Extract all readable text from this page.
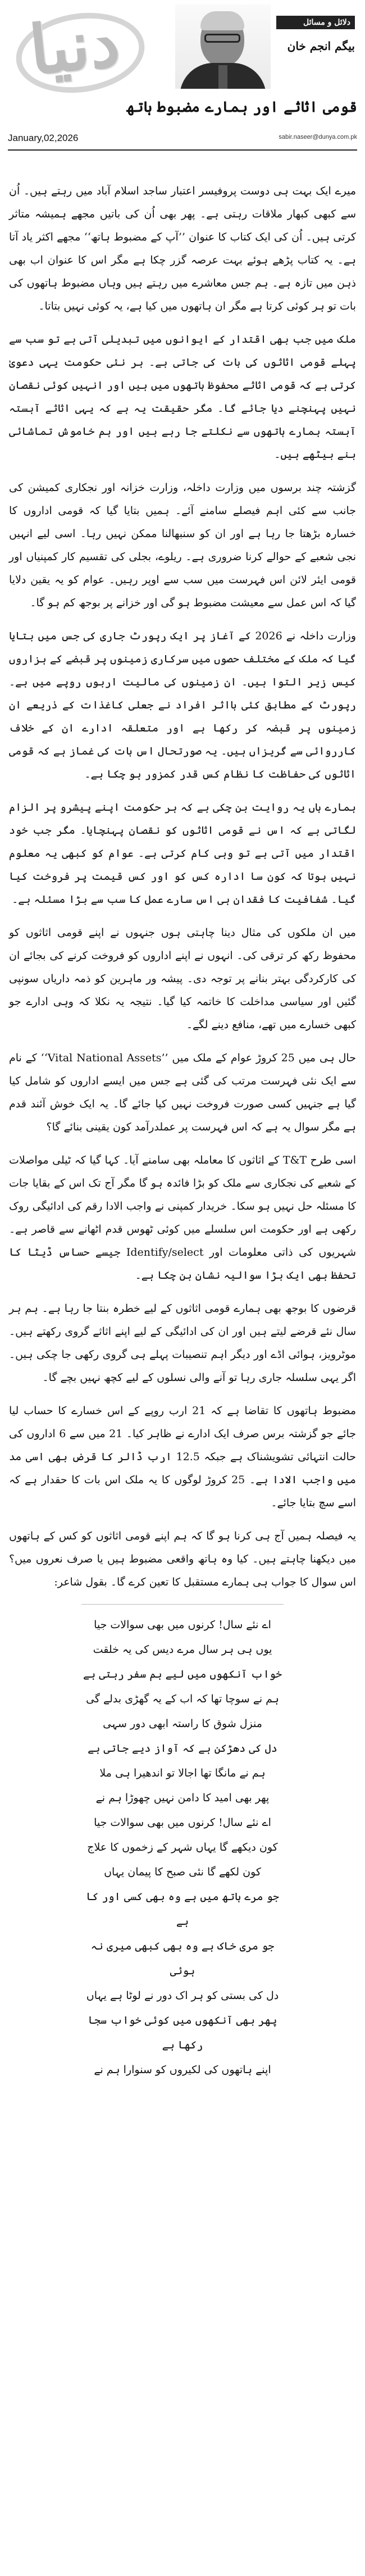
دنیا	دلائل و مسائل
بیگم انجم خان
قومی اثاثے اور ہمارے مضبوط ہاتھ
sabir.naseer@dunya.com.pk
January,02,2026

میرے ایک بہت ہی دوست پروفیسر اعتبار ساجد اسلام آباد میں رہتے ہیں۔ اُن سے کبھی کبھار ملاقات رہتی ہے۔ پھر بھی اُن کی باتیں مجھے ہمیشہ متاثر کرتی ہیں۔ اُن کی ایک کتاب کا عنوان ’’آپ کے مضبوط ہاتھ‘‘ مجھے اکثر یاد آتا ہے۔ یہ کتاب پڑھے ہوئے بہت عرصہ گزر چکا ہے مگر اس کا عنوان اب بھی ذہن میں تازہ ہے۔ ہم جس معاشرے میں رہتے ہیں وہاں مضبوط ہاتھوں کی بات تو ہر کوئی کرتا ہے مگر ان ہاتھوں میں کیا ہے، یہ کوئی نہیں بتاتا۔

ملک میں جب بھی اقتدار کے ایوانوں میں تبدیلی آتی ہے تو سب سے پہلے قومی اثاثوں کی بات کی جاتی ہے۔ ہر نئی حکومت یہی دعویٰ کرتی ہے کہ قومی اثاثے محفوظ ہاتھوں میں ہیں اور انہیں کوئی نقصان نہیں پہنچنے دیا جائے گا۔ مگر حقیقت یہ ہے کہ یہی اثاثے آہستہ آہستہ ہمارے ہاتھوں سے نکلتے جا رہے ہیں اور ہم خاموش تماشائی بنے بیٹھے ہیں۔

گزشتہ چند برسوں میں وزارت داخلہ، وزارت خزانہ اور نجکاری کمیشن کی جانب سے کئی اہم فیصلے سامنے آئے۔ ہمیں بتایا گیا کہ قومی اداروں کا خسارہ بڑھتا جا رہا ہے اور ان کو سنبھالنا ممکن نہیں رہا۔ اسی لیے انہیں نجی شعبے کے حوالے کرنا ضروری ہے۔ ریلوے، بجلی کی تقسیم کار کمپنیاں اور قومی ایئر لائن اس فہرست میں سب سے اوپر رہیں۔ عوام کو یہ یقین دلایا گیا کہ اس عمل سے معیشت مضبوط ہو گی اور خزانے پر بوجھ کم ہو گا۔

وزارت داخلہ نے 2026 کے آغاز پر ایک رپورٹ جاری کی جس میں بتایا گیا کہ ملک کے مختلف حصوں میں سرکاری زمینوں پر قبضے کے ہزاروں کیس زیر التوا ہیں۔ ان زمینوں کی مالیت اربوں روپے میں ہے۔ رپورٹ کے مطابق کئی بااثر افراد نے جعلی کاغذات کے ذریعے ان زمینوں پر قبضہ کر رکھا ہے اور متعلقہ ادارے ان کے خلاف کارروائی سے گریزاں ہیں۔ یہ صورتحال اس بات کی غماز ہے کہ قومی اثاثوں کی حفاظت کا نظام کس قدر کمزور ہو چکا ہے۔

ہمارے ہاں یہ روایت بن چکی ہے کہ ہر حکومت اپنے پیشرو پر الزام لگاتی ہے کہ اس نے قومی اثاثوں کو نقصان پہنچایا۔ مگر جب خود اقتدار میں آتی ہے تو وہی کام کرتی ہے۔ عوام کو کبھی یہ معلوم نہیں ہوتا کہ کون سا ادارہ کس کو اور کس قیمت پر فروخت کیا گیا۔ شفافیت کا فقدان ہی اس سارے عمل کا سب سے بڑا مسئلہ ہے۔

میں ان ملکوں کی مثال دینا چاہتی ہوں جنہوں نے اپنے قومی اثاثوں کو محفوظ رکھ کر ترقی کی۔ انہوں نے اپنے اداروں کو فروخت کرنے کی بجائے ان کی کارکردگی بہتر بنانے پر توجہ دی۔ پیشہ ور ماہرین کو ذمہ داریاں سونپی گئیں اور سیاسی مداخلت کا خاتمہ کیا گیا۔ نتیجہ یہ نکلا کہ وہی ادارے جو کبھی خسارے میں تھے، منافع دینے لگے۔

حال ہی میں 25 کروڑ عوام کے ملک میں ’’Vital National Assets‘‘ کے نام سے ایک نئی فہرست مرتب کی گئی ہے جس میں ایسے اداروں کو شامل کیا گیا ہے جنہیں کسی صورت فروخت نہیں کیا جائے گا۔ یہ ایک خوش آئند قدم ہے مگر سوال یہ ہے کہ اس فہرست پر عملدرآمد کون یقینی بنائے گا؟

اسی طرح T&T کے اثاثوں کا معاملہ بھی سامنے آیا۔ کہا گیا کہ ٹیلی مواصلات کے شعبے کی نجکاری سے ملک کو بڑا فائدہ ہو گا مگر آج تک اس کے بقایا جات کا مسئلہ حل نہیں ہو سکا۔ خریدار کمپنی نے واجب الادا رقم کی ادائیگی روک رکھی ہے اور حکومت اس سلسلے میں کوئی ٹھوس قدم اٹھانے سے قاصر ہے۔ شہریوں کی ذاتی معلومات اور Identify/select جیسے حساس ڈیٹا کا تحفظ بھی ایک بڑا سوالیہ نشان بن چکا ہے۔

قرضوں کا بوجھ بھی ہمارے قومی اثاثوں کے لیے خطرہ بنتا جا رہا ہے۔ ہم ہر سال نئے قرضے لیتے ہیں اور ان کی ادائیگی کے لیے اپنے اثاثے گروی رکھتے ہیں۔ موٹرویز، ہوائی اڈے اور دیگر اہم تنصیبات پہلے ہی گروی رکھی جا چکی ہیں۔ اگر یہی سلسلہ جاری رہا تو آنے والی نسلوں کے لیے کچھ نہیں بچے گا۔

مضبوط ہاتھوں کا تقاضا ہے کہ 21 ارب روپے کے اس خسارے کا حساب لیا جائے جو گزشتہ برس صرف ایک ادارے نے ظاہر کیا۔ 21 میں سے 6 اداروں کی حالت انتہائی تشویشناک ہے جبکہ 12.5 ارب ڈالر کا قرض بھی اسی مد میں واجب الادا ہے۔ 25 کروڑ لوگوں کا یہ ملک اس بات کا حقدار ہے کہ اسے سچ بتایا جائے۔

یہ فیصلہ ہمیں آج ہی کرنا ہو گا کہ ہم اپنے قومی اثاثوں کو کس کے ہاتھوں میں دیکھنا چاہتے ہیں۔ کیا وہ ہاتھ واقعی مضبوط ہیں یا صرف نعروں میں؟ اس سوال کا جواب ہی ہمارے مستقبل کا تعین کرے گا۔ بقول شاعر:

اے نئے سال! کرنوں میں بھی سوالات جیا
یوں ہی ہر سال مرے دیس کی یہ خلقت
خواب آنکھوں میں لیے ہم سفر رہتی ہے
ہم نے سوچا تھا کہ اب کے یہ گھڑی بدلے گی
منزل شوق کا راستہ ابھی دور سہی
دل کی دھڑکن ہے کہ آواز دیے جاتی ہے
ہم نے مانگا تھا اجالا تو اندھیرا ہی ملا
پھر بھی امید کا دامن نہیں چھوڑا ہم نے
اے نئے سال! کرنوں میں بھی سوالات جیا
کون دیکھے گا یہاں شہر کے زخموں کا علاج
کون لکھے گا نئی صبح کا پیمان یہاں
جو مرے ہاتھ میں ہے وہ بھی کسی اور کا ہے
جو مری خاک ہے وہ بھی کبھی میری نہ ہوئی
دل کی بستی کو ہر اک دور نے لوٹا ہے یہاں
پھر بھی آنکھوں میں کوئی خواب سجا رکھا ہے
اپنے ہاتھوں کی لکیروں کو سنوارا ہم نے
